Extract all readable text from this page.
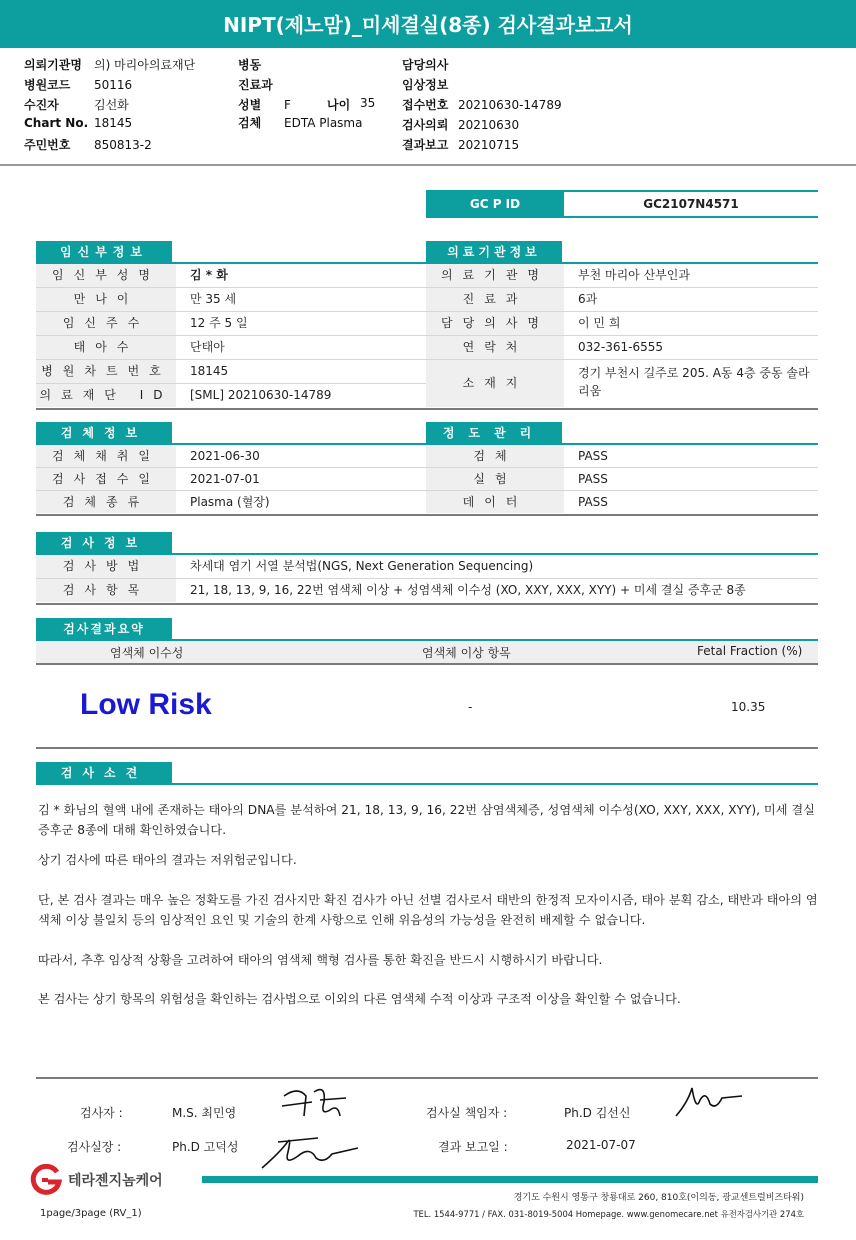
NIPT(제노맘)_미세결실(8종) 검사결과보고서
의뢰기관명 의) 마리아의료재단
병원코드 50116
수진자	김선화
Chart No. 18145
주민번호 850813-2
병동
진료과
성별 F
검체 EDTA Plasma
담당의사
임상정보
접수번호 20210630-14789
검사의뢰 20210630
결과보고 20210715
나이 35
GC P ID	GC2107N4571
임신부정보
임신부성명	김 * 화
만나이	만 35 세
임신주수	12 주 5 일
태아수	단태아
병원차트번호	18145
의료재단 ID	[SML] 20210630-14789
의료기관정보
의료기관명	부천 마리아 산부인과
진료과	6과
담당의사명	이 민 희
연락처	032-361-6555
소재지
경기 부천시 길주로 205. A동 4층 중동 솔라리움
검체정보
검체채취일	2021-06-30
검사접수일	2021-07-01
검체종류	Plasma (혈장)
정도관리
검체	PASS
실험	PASS
데이터	PASS
검사정보
검사방법	차세대 염기 서열 분석법(NGS, Next Generation Sequencing)
검사항목	21, 18, 13, 9, 16, 22번 염색체 이상 + 성염색체 이수성 (XO, XXY, XXX, XYY) + 미세 결실 증후군 8종
검사결과요약
염색체 이수성	염색체 이상 항목	Fetal Fraction (%)
Low Risk	-	10.35
검사소견
김 * 화님의 혈액 내에 존재하는 태아의 DNA를 분석하여 21, 18, 13, 9, 16, 22번 삼염색체증, 성염색체 이수성(XO, XXY, XXX, XYY), 미세 결실 증후군 8종에 대해 확인하였습니다.
상기 검사에 따른 태아의 결과는 저위험군입니다.
단, 본 검사 결과는 매우 높은 정확도를 가진 검사지만 확진 검사가 아닌 선별 검사로서 태반의 한정적 모자이시즘, 태아 분획 감소, 태반과 태아의 염색체 이상 불일치 등의 임상적인 요인 및 기술의 한계 사항으로 인해 위음성의 가능성을 완전히 배제할 수 없습니다.
따라서, 추후 임상적 상황을 고려하여 태아의 염색체 핵형 검사를 통한 확진을 반드시 시행하시기 바랍니다.
본 검사는 상기 항목의 위험성을 확인하는 검사법으로 이외의 다른 염색체 수적 이상과 구조적 이상을 확인할 수 없습니다.
검사자 :	M.S. 최민영
검사실장 :	Ph.D 고덕성
검사실 책임자 :	Ph.D 김선신
결과 보고일 :	2021-07-07
테라젠지놈케어
경기도 수원시 영통구 창룡대로 260, 810호(이의동, 광교센트럴비즈타워)
TEL. 1544-9771 / FAX. 031-8019-5004 Homepage. www.genomecare.net 유전자검사기관 274호
1page/3page (RV_1)
